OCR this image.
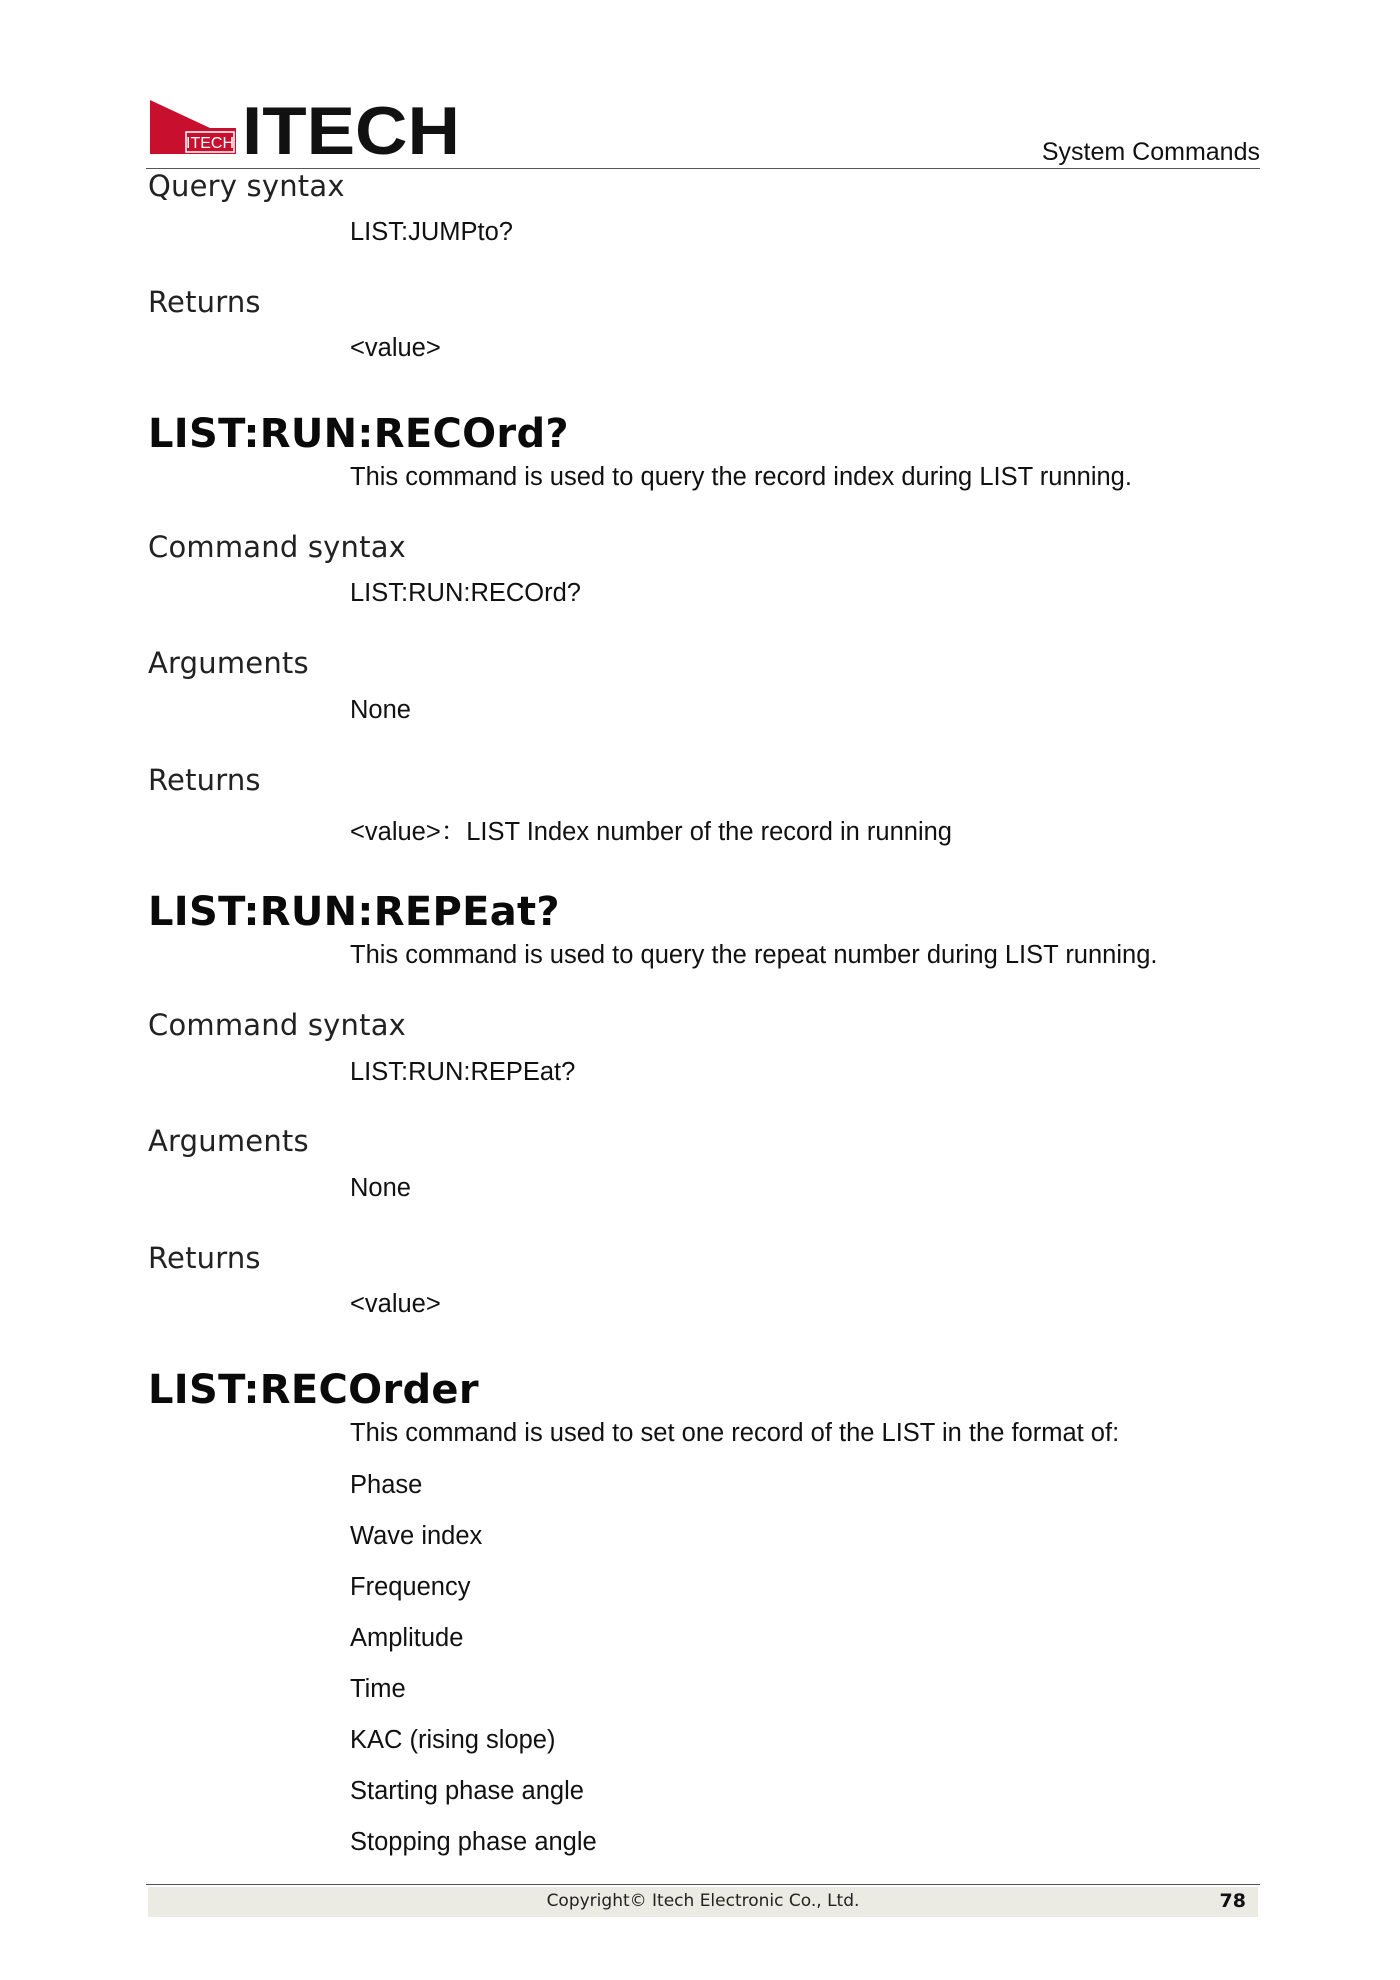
ITECH ITECH	System Commands
Query syntax
LIST:JUMPto?
Returns
<value>
LIST:RUN:RECOrd?
This command is used to query the record index during LIST running.
Command syntax
LIST:RUN:RECOrd?
Arguments
None
Returns
<value>：LIST Index number of the record in running
LIST:RUN:REPEat?
This command is used to query the repeat number during LIST running.
Command syntax
LIST:RUN:REPEat?
Arguments
None
Returns
<value>
LIST:RECOrder
This command is used to set one record of the LIST in the format of:
Phase
Wave index
Frequency
Amplitude
Time
KAC (rising slope)
Starting phase angle
Stopping phase angle
Copyright© Itech Electronic Co., Ltd.	78
